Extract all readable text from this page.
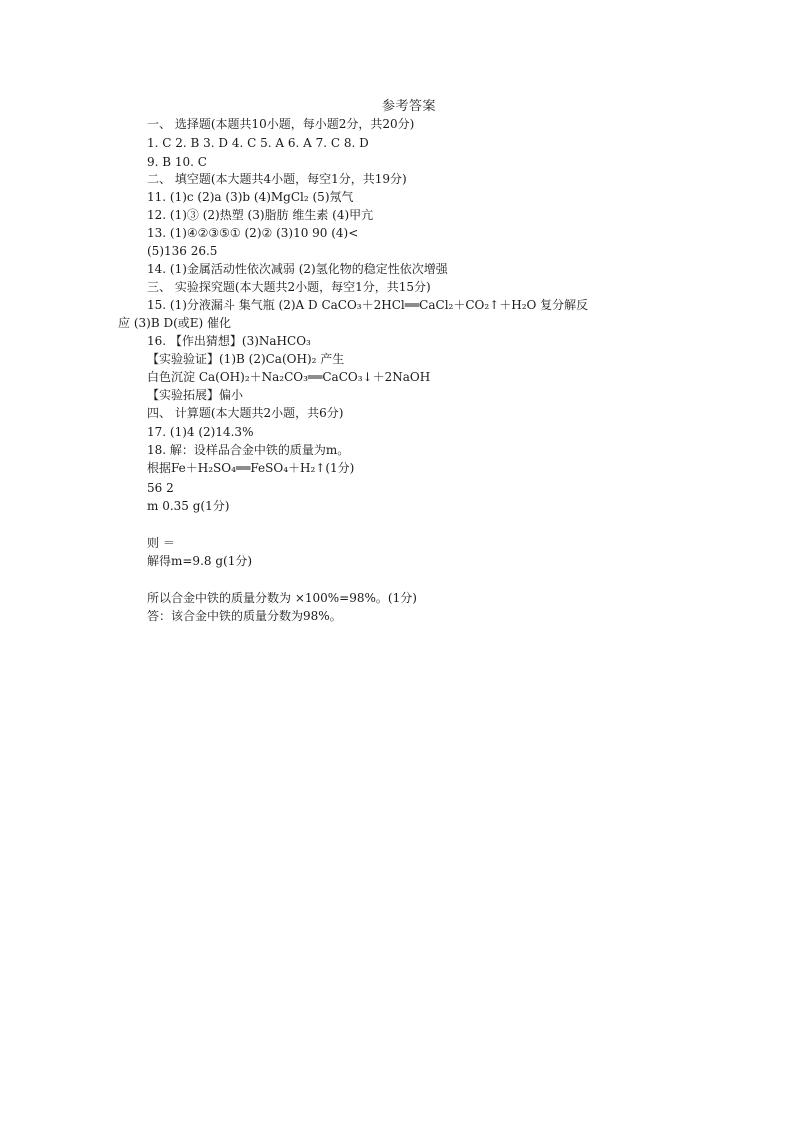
参考答案
一、 选择题(本题共10小题，每小题2分，共20分)
1. C 2. B 3. D 4. C 5. A 6. A 7. C 8. D
9. B 10. C
二、 填空题(本大题共4小题，每空1分，共19分)
11. (1)c (2)a (3)b (4)MgCl₂ (5)氖气
12. (1)③ (2)热塑 (3)脂肪 维生素 (4)甲亢
13. (1)④②③⑤① (2)② (3)10 90 (4)<
(5)136 26.5
14. (1)金属活动性依次减弱 (2)氢化物的稳定性依次增强
三、 实验探究题(本大题共2小题，每空1分，共15分)
15. (1)分液漏斗 集气瓶 (2)A D CaCO₃＋2HCl══CaCl₂＋CO₂↑＋H₂O 复分解反
应 (3)B D(或E) 催化
16. 【作出猜想】(3)NaHCO₃
【实验验证】(1)B (2)Ca(OH)₂ 产生
白色沉淀 Ca(OH)₂＋Na₂CO₃══CaCO₃↓＋2NaOH
【实验拓展】偏小
四、 计算题(本大题共2小题，共6分)
17. (1)4 (2)14.3%
18. 解：设样品合金中铁的质量为m。
根据Fe＋H₂SO₄══FeSO₄＋H₂↑(1分)
56 2
m 0.35 g(1分)
则 ＝
解得m=9.8 g(1分)
所以合金中铁的质量分数为 ×100%=98%。(1分)
答：该合金中铁的质量分数为98%。
